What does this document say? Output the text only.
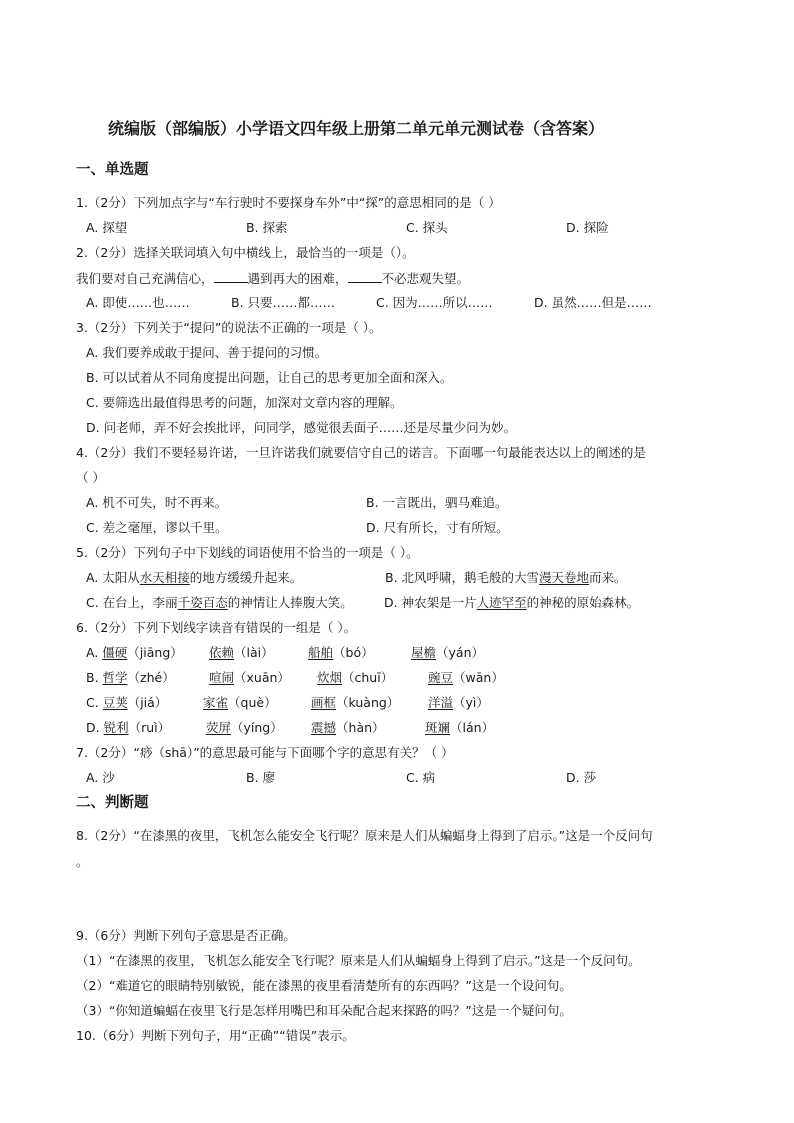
统编版（部编版）小学语文四年级上册第二单元单元测试卷（含答案）
一、单选题
1.（2分）下列加点字与“车行驶时不要探身车外”中“探”的意思相同的是（ ）
A. 探望	B. 探索	C. 探头	D. 探险
2.（2分）选择关联词填入句中横线上，最恰当的一项是（）。
我们要对自己充满信心，	遇到再大的困难，	不必悲观失望。
A. 即使……也……	B. 只要……都……	C. 因为……所以……	D. 虽然……但是……
3.（2分）下列关于“提问”的说法不正确的一项是（ ）。
A. 我们要养成敢于提问、善于提问的习惯。
B. 可以试着从不同角度提出问题，让自己的思考更加全面和深入。
C. 要筛选出最值得思考的问题，加深对文章内容的理解。
D. 问老师，弄不好会挨批评，问同学，感觉很丢面子……还是尽量少问为妙。
4.（2分）我们不要轻易许诺，一旦许诺我们就要信守自己的诺言。下面哪一句最能表达以上的阐述的是
（ ）
A. 机不可失，时不再来。	B. 一言既出，驷马难追。
C. 差之毫厘，谬以千里。	D. 尺有所长，寸有所短。
5.（2分）下列句子中下划线的词语使用不恰当的一项是（ ）。
A. 太阳从水天相接的地方缓缓升起来。	B. 北风呼啸，鹅毛般的大雪漫天卷地而来。
C. 在台上，李丽千姿百态的神情让人捧腹大笑。	D. 神农架是一片人迹罕至的神秘的原始森林。
6.（2分）下列下划线字读音有错误的一组是（ ）。
A. 僵硬（jiāng） 依赖（lài）	船舶（bó）	屋檐（yán）
B. 哲学（zhé）	喧闹（xuān） 炊烟（chuī）	豌豆（wān）
C. 豆荚（jiá）	家雀（què）	画框（kuàng） 洋溢（yì）
D. 锐利（ruì）	荧屏（yíng） 震撼（hàn）	斑斓（lán）
7.（2分）“痧（shā）”的意思最可能与下面哪个字的意思有关？（ ）
A. 沙	B. 廖	C. 病	D. 莎
二、判断题
8.（2分）“在漆黑的夜里，飞机怎么能安全飞行呢？原来是人们从蝙蝠身上得到了启示。”这是一个反问句
。
9.（6分）判断下列句子意思是否正确。
（1）“在漆黑的夜里，飞机怎么能安全飞行呢？原来是人们从蝙蝠身上得到了启示。”这是一个反问句。
（2）“难道它的眼睛特别敏锐，能在漆黑的夜里看清楚所有的东西吗？”这是一个设问句。
（3）“你知道蝙蝠在夜里飞行是怎样用嘴巴和耳朵配合起来探路的吗？”这是一个疑问句。
10.（6分）判断下列句子，用“正确”“错误”表示。
